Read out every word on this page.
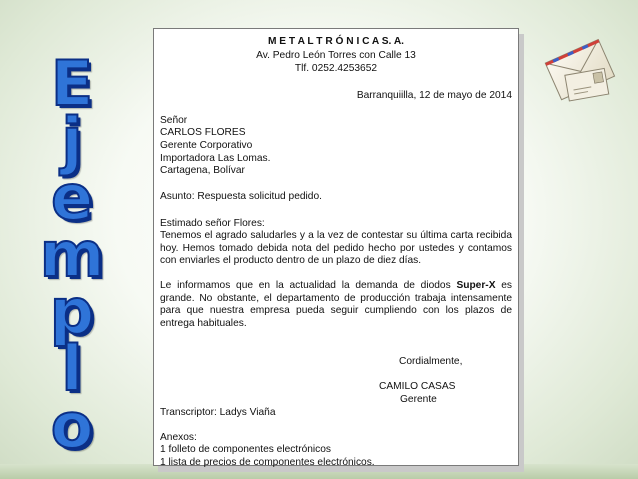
E
j
e
m
p
l
o
M E T A L T R Ó N I C A S. A.
Av. Pedro León Torres con Calle 13
Tlf. 0252.4253652
Barranquiilla, 12 de mayo de 2014
Señor
CARLOS FLORES
Gerente Corporativo
Importadora Las Lomas.
Cartagena, Bolívar
Asunto: Respuesta solicitud pedido.
Estimado señor Flores:
Tenemos el agrado saludarles y a la vez de contestar su última carta recibida hoy. Hemos tomado debida nota del pedido hecho por ustedes y contamos con enviarles el producto dentro de un plazo de diez días.
Le informamos que en la actualidad la demanda de diodos Super-X es grande. No obstante, el departamento de producción trabaja intensamente para que nuestra empresa pueda seguir cumpliendo con los plazos de entrega habituales.
Cordialmente,
CAMILO CASAS
Gerente
Transcriptor: Ladys Viaña
Anexos:
1 folleto de componentes electrónicos
1 lista de precios de componentes electrónicos.
